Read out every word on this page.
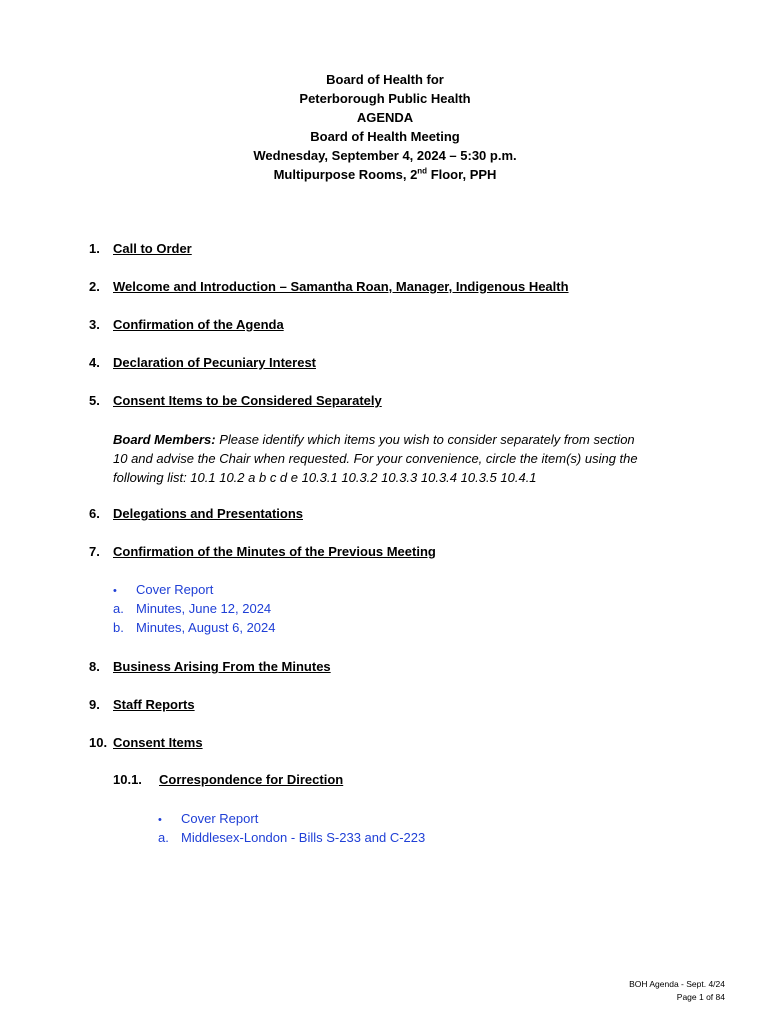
Board of Health for
Peterborough Public Health
AGENDA
Board of Health Meeting
Wednesday, September 4, 2024 – 5:30 p.m.
Multipurpose Rooms, 2nd Floor, PPH
1. Call to Order
2. Welcome and Introduction – Samantha Roan, Manager, Indigenous Health
3. Confirmation of the Agenda
4. Declaration of Pecuniary Interest
5. Consent Items to be Considered Separately
Board Members: Please identify which items you wish to consider separately from section
10 and advise the Chair when requested. For your convenience, circle the item(s) using the
following list: 10.1 10.2 a b c d e 10.3.1 10.3.2 10.3.3 10.3.4 10.3.5 10.4.1
6. Delegations and Presentations
7. Confirmation of the Minutes of the Previous Meeting
• Cover Report
a. Minutes, June 12, 2024
b. Minutes, August 6, 2024
8. Business Arising From the Minutes
9. Staff Reports
10. Consent Items
10.1. Correspondence for Direction
• Cover Report
a. Middlesex-London - Bills S-233 and C-223
BOH Agenda - Sept. 4/24
Page 1 of 84
